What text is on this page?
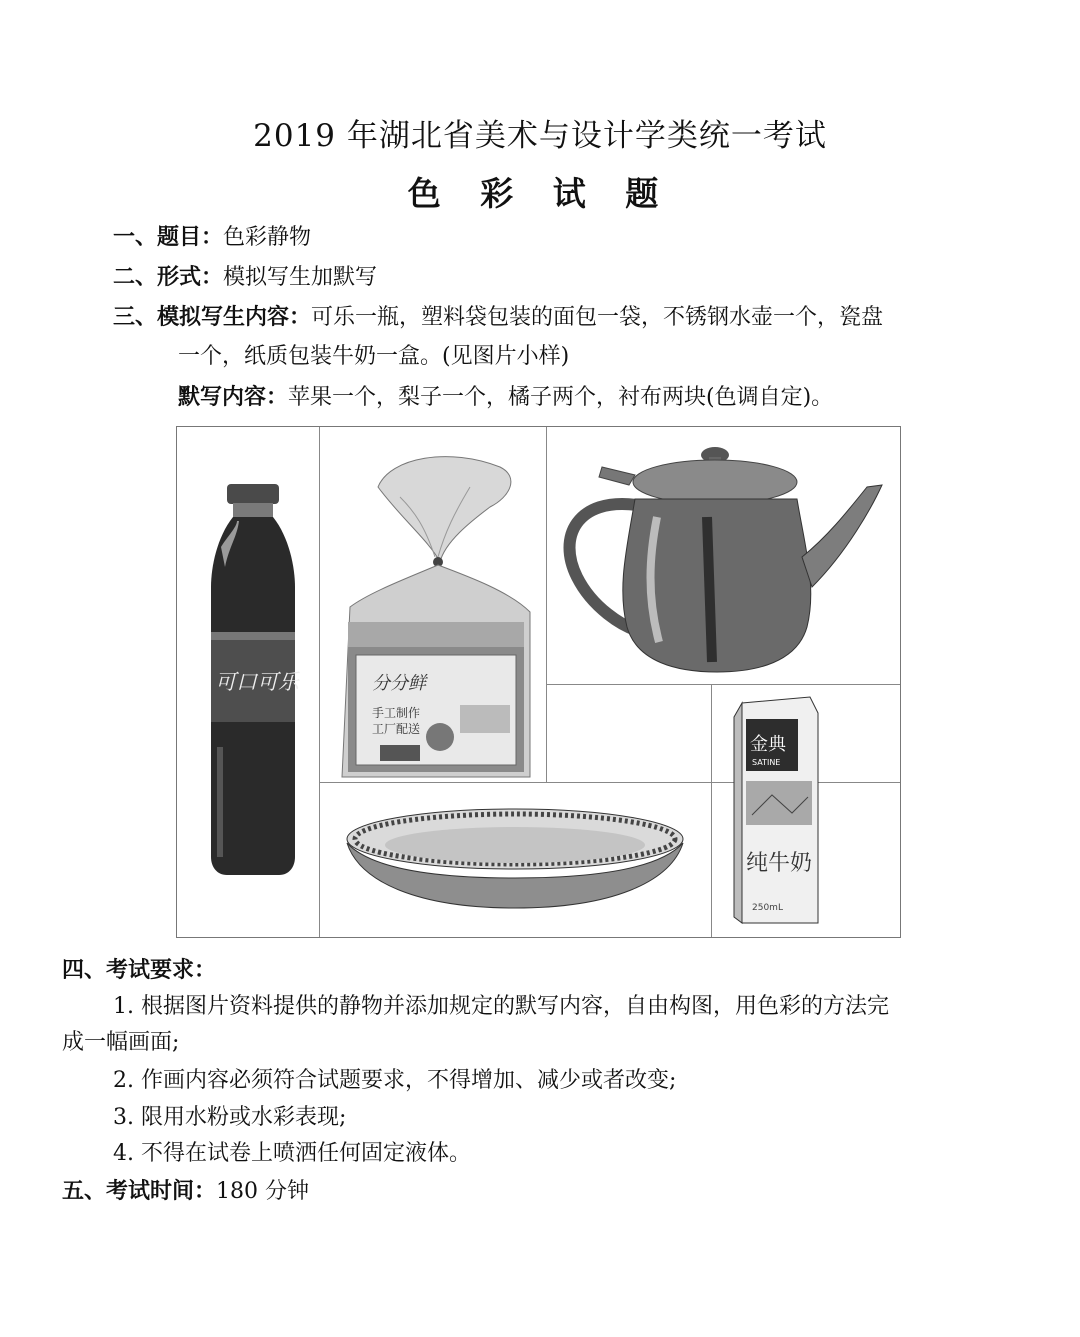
2019 年湖北省美术与设计学类统一考试
色 彩 试 题
一、题目：色彩静物
二、形式：模拟写生加默写
三、模拟写生内容：可乐一瓶，塑料袋包装的面包一袋，不锈钢水壶一个，瓷盘
一个，纸质包装牛奶一盒。(见图片小样)
默写内容：苹果一个，梨子一个，橘子两个，衬布两块(色调自定)。
可口可乐	分分鲜
手工制作
工厂配送
金典
SATINE
纯牛奶
250mL
四、考试要求：
1. 根据图片资料提供的静物并添加规定的默写内容，自由构图，用色彩的方法完
成一幅画面;
2. 作画内容必须符合试题要求，不得增加、减少或者改变;
3. 限用水粉或水彩表现;
4. 不得在试卷上喷洒任何固定液体。
五、考试时间：180 分钟
